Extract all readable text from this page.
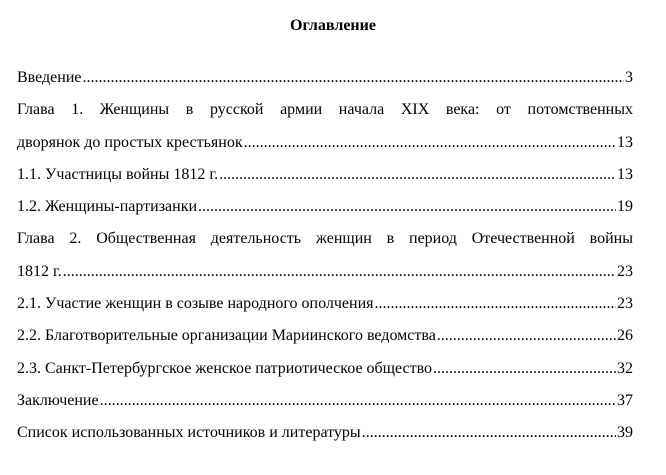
Оглавление
Введение .....	3
Глава 1. Женщины в русской армии начала XIX века: от потомственных
дворянок до простых крестьянок .....	13
1.1. Участницы войны 1812 г. .....	13
1.2. Женщины-партизанки .....	19
Глава 2. Общественная деятельность женщин в период Отечественной войны
1812 г. .....	23
2.1. Участие женщин в созыве народного ополчения .....	23
2.2. Благотворительные организации Мариинского ведомства .....	26
2.3. Санкт-Петербургское женское патриотическое общество .....	32
Заключение .....	37
Список использованных источников и литературы .....	39
